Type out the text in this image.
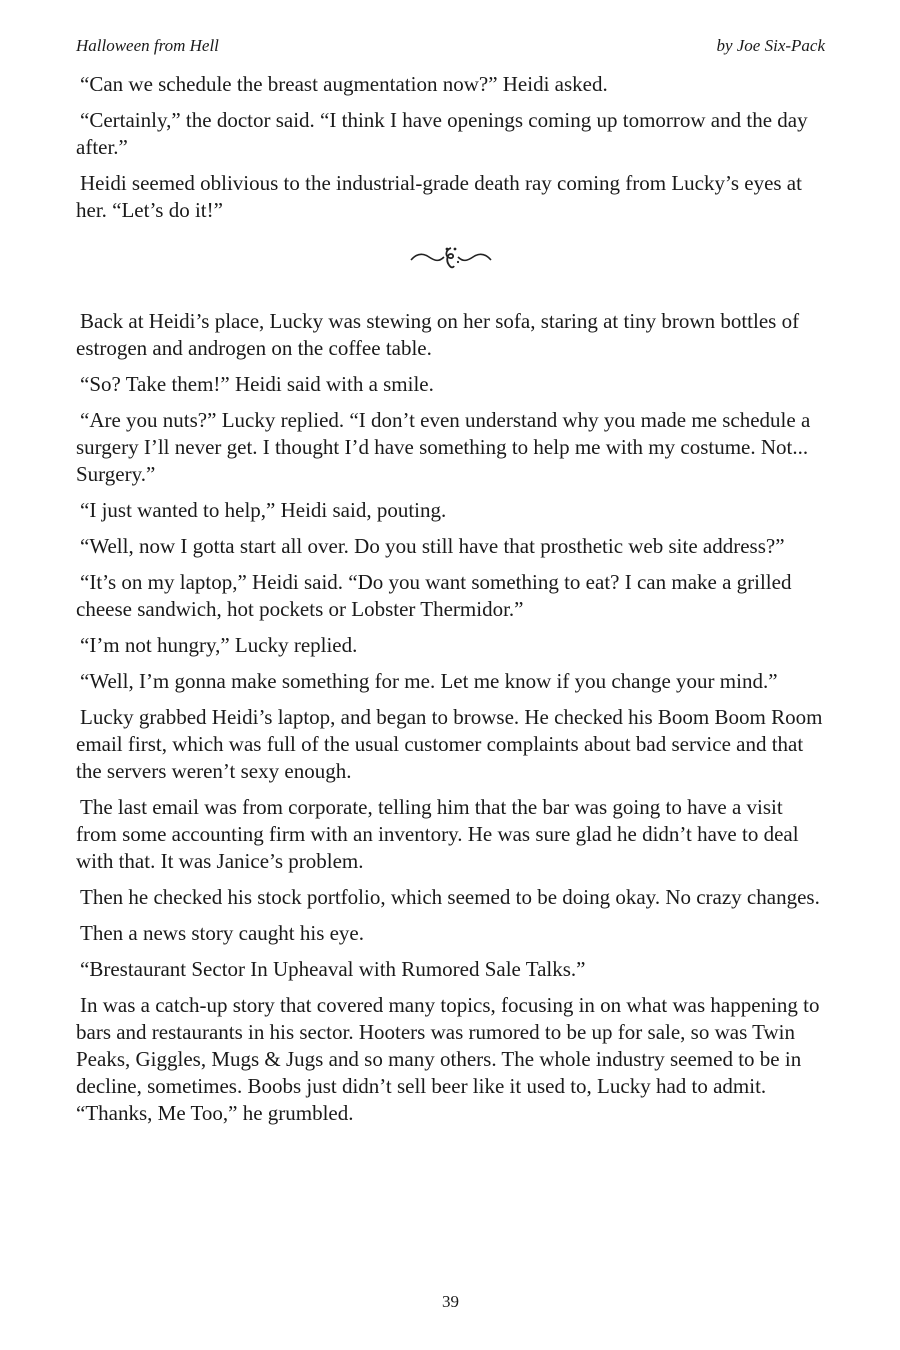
Halloween from Hell	by Joe Six-Pack

“Can we schedule the breast augmentation now?” Heidi asked.

“Certainly,” the doctor said. “I think I have openings coming up tomorrow and the day after.”

Heidi seemed oblivious to the industrial-grade death ray coming from Lucky’s eyes at her. “Let’s do it!”

Back at Heidi’s place, Lucky was stewing on her sofa, staring at tiny brown bottles of estrogen and androgen on the coffee table.

“So? Take them!” Heidi said with a smile.

“Are you nuts?” Lucky replied. “I don’t even understand why you made me schedule a surgery I’ll never get. I thought I’d have something to help me with my costume. Not... Surgery.”

“I just wanted to help,” Heidi said, pouting.

“Well, now I gotta start all over. Do you still have that prosthetic web site address?”

“It’s on my laptop,” Heidi said. “Do you want something to eat? I can make a grilled cheese sandwich, hot pockets or Lobster Thermidor.”

“I’m not hungry,” Lucky replied.

“Well, I’m gonna make something for me. Let me know if you change your mind.”

Lucky grabbed Heidi’s laptop, and began to browse. He checked his Boom Boom Room email first, which was full of the usual customer complaints about bad service and that the servers weren’t sexy enough.

The last email was from corporate, telling him that the bar was going to have a visit from some accounting firm with an inventory. He was sure glad he didn’t have to deal with that. It was Janice’s problem.

Then he checked his stock portfolio, which seemed to be doing okay. No crazy changes.

Then a news story caught his eye.

“Brestaurant Sector In Upheaval with Rumored Sale Talks.”

In was a catch-up story that covered many topics, focusing in on what was happening to bars and restaurants in his sector. Hooters was rumored to be up for sale, so was Twin Peaks, Giggles, Mugs & Jugs and so many others. The whole industry seemed to be in decline, sometimes. Boobs just didn’t sell beer like it used to, Lucky had to admit. “Thanks, Me Too,” he grumbled.

39
